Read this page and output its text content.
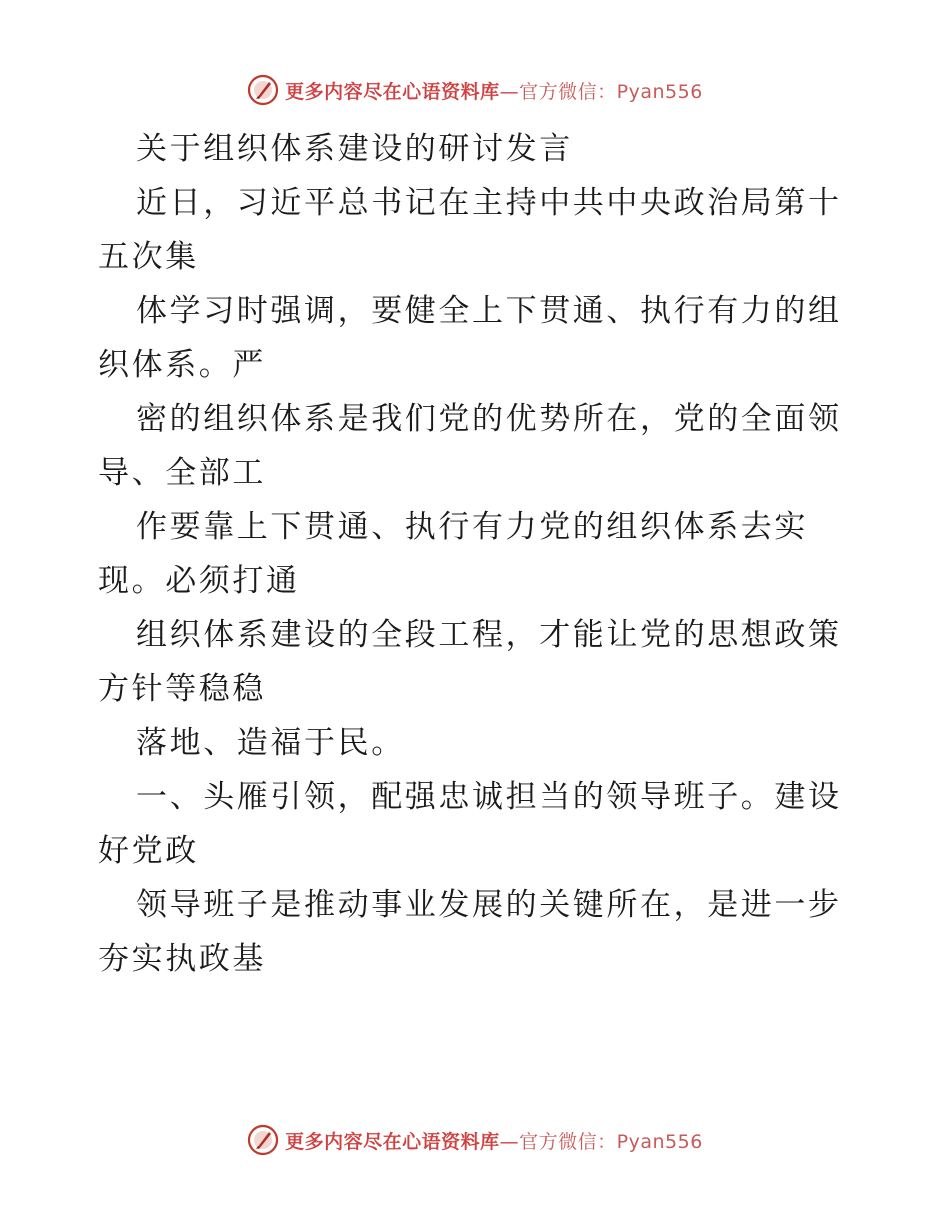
更多内容尽在心语资料库—官方微信：Pyan556
关于组织体系建设的研讨发言
近日，习近平总书记在主持中共中央政治局第十
五次集
体学习时强调，要健全上下贯通、执行有力的组
织体系。严
密的组织体系是我们党的优势所在，党的全面领
导、全部工
作要靠上下贯通、执行有力党的组织体系去实
现。必须打通
组织体系建设的全段工程，才能让党的思想政策
方针等稳稳
落地、造福于民。
一、头雁引领，配强忠诚担当的领导班子。建设
好党政
领导班子是推动事业发展的关键所在，是进一步
夯实执政基
更多内容尽在心语资料库—官方微信：Pyan556
